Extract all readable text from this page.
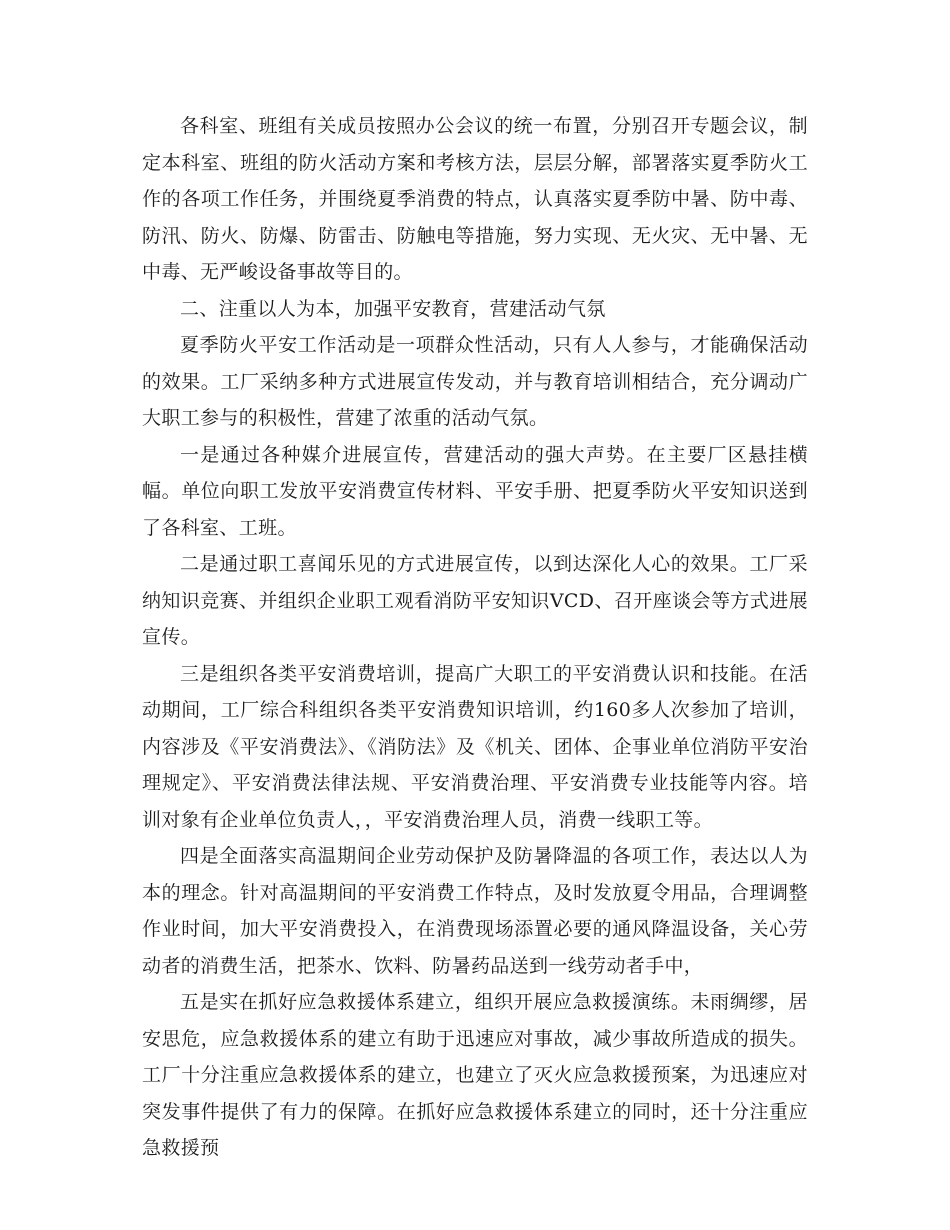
各科室、班组有关成员按照办公会议的统一布置，分别召开专题会议，制定本科室、班组的防火活动方案和考核方法，层层分解，部署落实夏季防火工作的各项工作任务，并围绕夏季消费的特点，认真落实夏季防中暑、防中毒、防汛、防火、防爆、防雷击、防触电等措施，努力实现、无火灾、无中暑、无中毒、无严峻设备事故等目的。

二、注重以人为本，加强平安教育，营建活动气氛

夏季防火平安工作活动是一项群众性活动，只有人人参与，才能确保活动的效果。工厂采纳多种方式进展宣传发动，并与教育培训相结合，充分调动广大职工参与的积极性，营建了浓重的活动气氛。

一是通过各种媒介进展宣传，营建活动的强大声势。在主要厂区悬挂横幅。单位向职工发放平安消费宣传材料、平安手册、把夏季防火平安知识送到了各科室、工班。

二是通过职工喜闻乐见的方式进展宣传，以到达深化人心的效果。工厂采纳知识竞赛、并组织企业职工观看消防平安知识VCD、召开座谈会等方式进展宣传。

三是组织各类平安消费培训，提高广大职工的平安消费认识和技能。在活动期间，工厂综合科组织各类平安消费知识培训，约160多人次参加了培训，内容涉及《平安消费法》、《消防法》及《机关、团体、企事业单位消防平安治理规定》、平安消费法律法规、平安消费治理、平安消费专业技能等内容。培训对象有企业单位负责人，，平安消费治理人员，消费一线职工等。

四是全面落实高温期间企业劳动保护及防暑降温的各项工作，表达以人为本的理念。针对高温期间的平安消费工作特点，及时发放夏令用品，合理调整作业时间，加大平安消费投入，在消费现场添置必要的通风降温设备，关心劳动者的消费生活，把茶水、饮料、防暑药品送到一线劳动者手中，

五是实在抓好应急救援体系建立，组织开展应急救援演练。未雨绸缪，居安思危，应急救援体系的建立有助于迅速应对事故，减少事故所造成的损失。工厂十分注重应急救援体系的建立，也建立了灭火应急救援预案，为迅速应对突发事件提供了有力的保障。在抓好应急救援体系建立的同时，还十分注重应急救援预
